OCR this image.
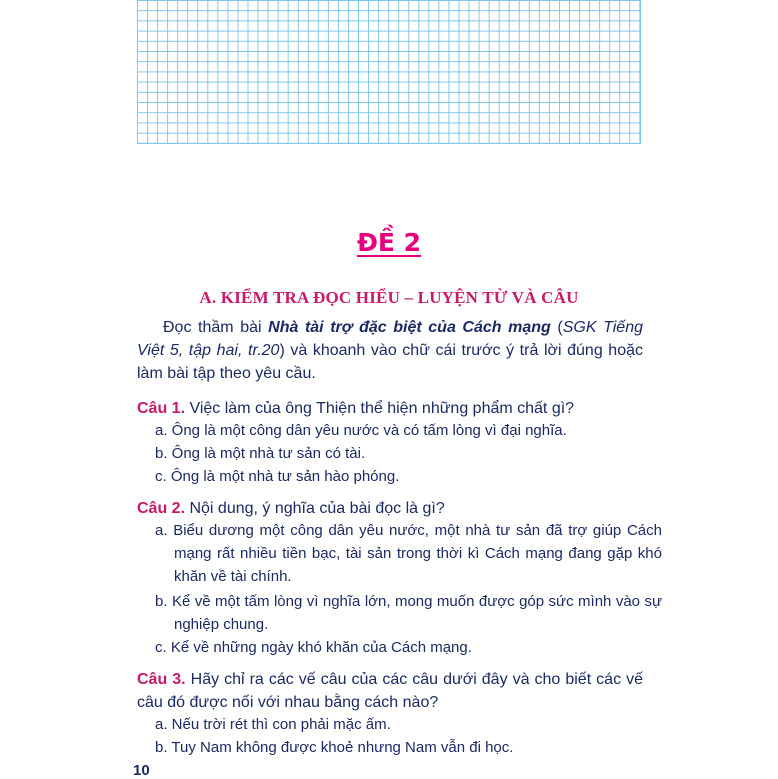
ĐỀ 2
A. KIỂM TRA ĐỌC HIỂU – LUYỆN TỪ VÀ CÂU
Đọc thầm bài Nhà tài trợ đặc biệt của Cách mạng (SGK Tiếng Việt 5, tập hai, tr.20) và khoanh vào chữ cái trước ý trả lời đúng hoặc làm bài tập theo yêu cầu.
Câu 1. Việc làm của ông Thiện thể hiện những phẩm chất gì?
a. Ông là một công dân yêu nước và có tấm lòng vì đại nghĩa.
b. Ông là một nhà tư sản có tài.
c. Ông là một nhà tư sản hào phóng.
Câu 2. Nội dung, ý nghĩa của bài đọc là gì?
a. Biểu dương một công dân yêu nước, một nhà tư sản đã trợ giúp Cách mạng rất nhiều tiền bạc, tài sản trong thời kì Cách mạng đang gặp khó khăn về tài chính.
b. Kể về một tấm lòng vì nghĩa lớn, mong muốn được góp sức mình vào sự nghiệp chung.
c. Kể về những ngày khó khăn của Cách mạng.
Câu 3. Hãy chỉ ra các vế câu của các câu dưới đây và cho biết các vế câu đó được nối với nhau bằng cách nào?
a. Nếu trời rét thì con phải mặc ấm.
b. Tuy Nam không được khoẻ nhưng Nam vẫn đi học.
10
